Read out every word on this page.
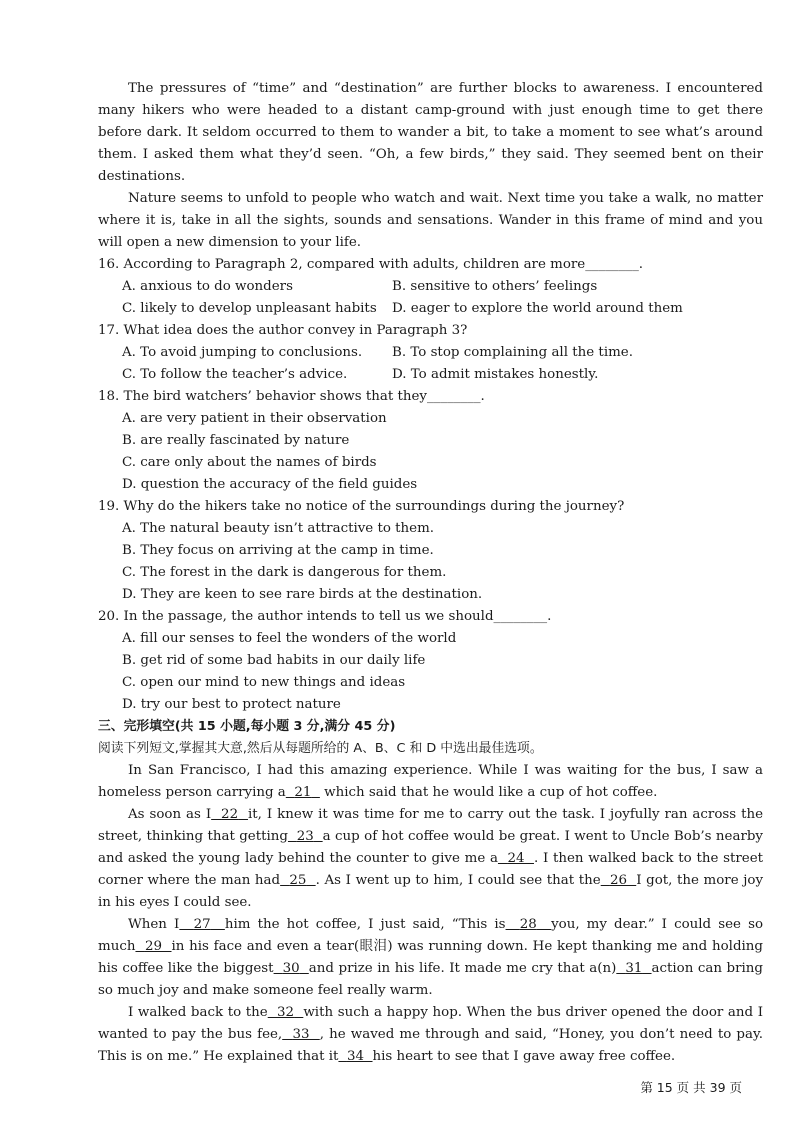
The pressures of “time” and “destination” are further blocks to awareness. I encountered many hikers who were headed to a distant camp-ground with just enough time to get there before dark. It seldom occurred to them to wander a bit, to take a moment to see what’s around them. I asked them what they’d seen. “Oh, a few birds,” they said. They seemed bent on their destinations.

Nature seems to unfold to people who watch and wait. Next time you take a walk, no matter where it is, take in all the sights, sounds and sensations. Wander in this frame of mind and you will open a new dimension to your life.

16. According to Paragraph 2, compared with adults, children are more________.

A. anxious to do wonders	B. sensitive to others’ feelings
C. likely to develop unpleasant habits	D. eager to explore the world around them

17. What idea does the author convey in Paragraph 3?

A. To avoid jumping to conclusions.	B. To stop complaining all the time.
C. To follow the teacher’s advice.	D. To admit mistakes honestly.

18. The bird watchers’ behavior shows that they________.

A. are very patient in their observation

B. are really fascinated by nature

C. care only about the names of birds

D. question the accuracy of the field guides

19. Why do the hikers take no notice of the surroundings during the journey?

A. The natural beauty isn’t attractive to them.

B. They focus on arriving at the camp in time.

C. The forest in the dark is dangerous for them.

D. They are keen to see rare birds at the destination.

20. In the passage, the author intends to tell us we should________.

A. fill our senses to feel the wonders of the world

B. get rid of some bad habits in our daily life

C. open our mind to new things and ideas

D. try our best to protect nature

三、完形填空(共 15 小题,每小题 3 分,满分 45 分)

阅读下列短文,掌握其大意,然后从每题所给的 A、B、C 和 D 中选出最佳选项。

In San Francisco, I had this amazing experience. While I was waiting for the bus, I saw a homeless person carrying a 21 which said that he would like a cup of hot coffee.

As soon as I 22 it, I knew it was time for me to carry out the task. I joyfully ran across the street, thinking that getting 23 a cup of hot coffee would be great. I went to Uncle Bob’s nearby and asked the young lady behind the counter to give me a 24 . I then walked back to the street corner where the man had 25 . As I went up to him, I could see that the 26 I got, the more joy in his eyes I could see.

When I 27 him the hot coffee, I just said, “This is 28 you, my dear.” I could see so much 29 in his face and even a tear(眼泪) was running down. He kept thanking me and holding his coffee like the biggest 30 and prize in his life. It made me cry that a(n) 31 action can bring so much joy and make someone feel really warm.

I walked back to the 32 with such a happy hop. When the bus driver opened the door and I wanted to pay the bus fee, 33 , he waved me through and said, “Honey, you don’t need to pay. This is on me.” He explained that it 34 his heart to see that I gave away free coffee.

第 15 页 共 39 页
